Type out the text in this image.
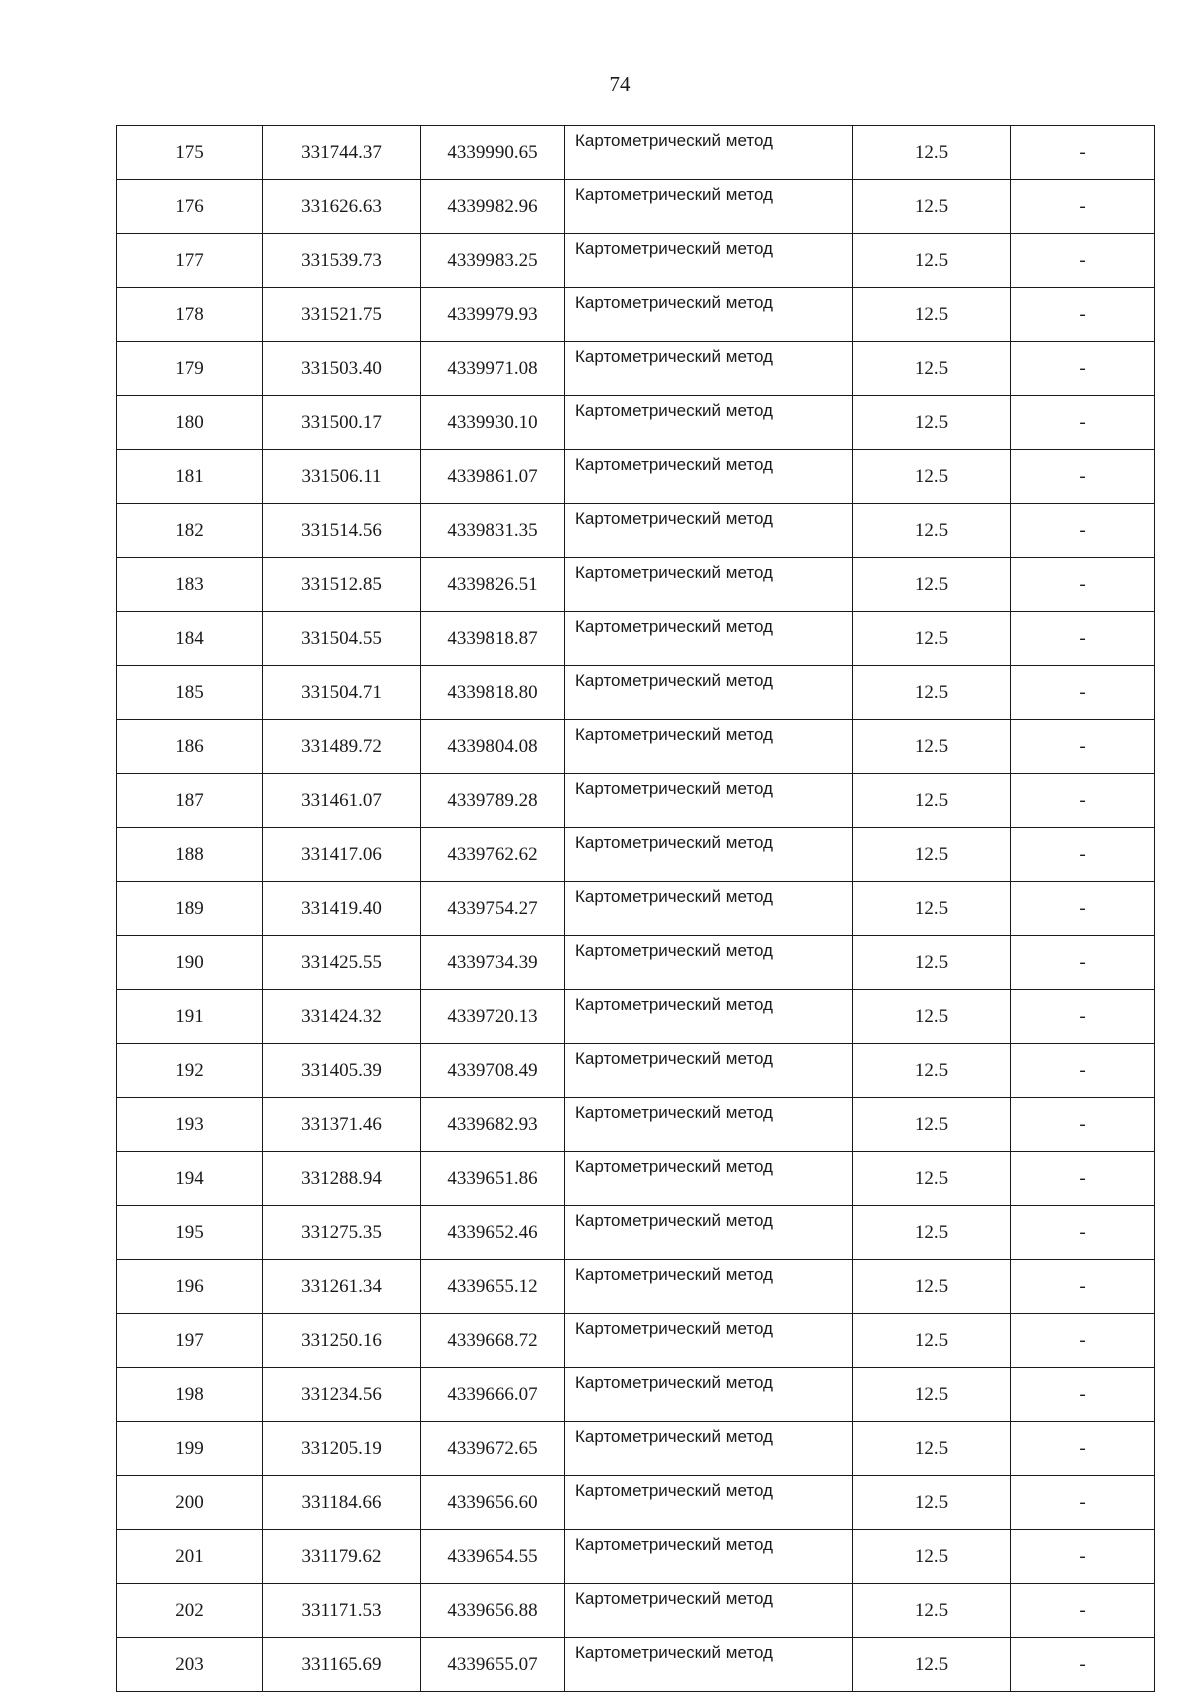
74
175	331744.37	4339990.65	Картометрический метод	12.5	-
176	331626.63	4339982.96	Картометрический метод	12.5	-
177	331539.73	4339983.25	Картометрический метод	12.5	-
178	331521.75	4339979.93	Картометрический метод	12.5	-
179	331503.40	4339971.08	Картометрический метод	12.5	-
180	331500.17	4339930.10	Картометрический метод	12.5	-
181	331506.11	4339861.07	Картометрический метод	12.5	-
182	331514.56	4339831.35	Картометрический метод	12.5	-
183	331512.85	4339826.51	Картометрический метод	12.5	-
184	331504.55	4339818.87	Картометрический метод	12.5	-
185	331504.71	4339818.80	Картометрический метод	12.5	-
186	331489.72	4339804.08	Картометрический метод	12.5	-
187	331461.07	4339789.28	Картометрический метод	12.5	-
188	331417.06	4339762.62	Картометрический метод	12.5	-
189	331419.40	4339754.27	Картометрический метод	12.5	-
190	331425.55	4339734.39	Картометрический метод	12.5	-
191	331424.32	4339720.13	Картометрический метод	12.5	-
192	331405.39	4339708.49	Картометрический метод	12.5	-
193	331371.46	4339682.93	Картометрический метод	12.5	-
194	331288.94	4339651.86	Картометрический метод	12.5	-
195	331275.35	4339652.46	Картометрический метод	12.5	-
196	331261.34	4339655.12	Картометрический метод	12.5	-
197	331250.16	4339668.72	Картометрический метод	12.5	-
198	331234.56	4339666.07	Картометрический метод	12.5	-
199	331205.19	4339672.65	Картометрический метод	12.5	-
200	331184.66	4339656.60	Картометрический метод	12.5	-
201	331179.62	4339654.55	Картометрический метод	12.5	-
202	331171.53	4339656.88	Картометрический метод	12.5	-
203	331165.69	4339655.07	Картометрический метод	12.5	-
